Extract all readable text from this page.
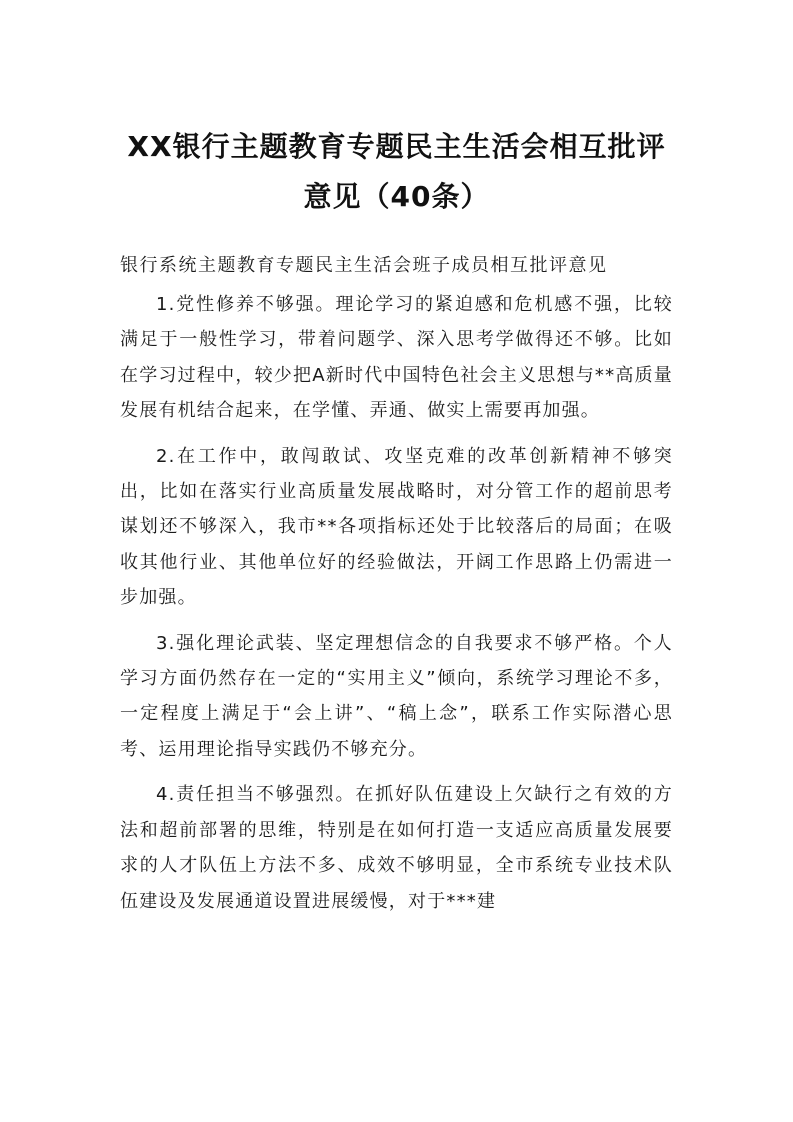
XX银行主题教育专题民主生活会相互批评
意见（40条）

银行系统主题教育专题民主生活会班子成员相互批评意见

1.党性修养不够强。理论学习的紧迫感和危机感不强，比较满足于一般性学习，带着问题学、深入思考学做得还不够。比如在学习过程中，较少把A新时代中国特色社会主义思想与**高质量发展有机结合起来，在学懂、弄通、做实上需要再加强。

2.在工作中，敢闯敢试、攻坚克难的改革创新精神不够突出，比如在落实行业高质量发展战略时，对分管工作的超前思考谋划还不够深入，我市**各项指标还处于比较落后的局面；在吸收其他行业、其他单位好的经验做法，开阔工作思路上仍需进一步加强。

3.强化理论武装、坚定理想信念的自我要求不够严格。个人学习方面仍然存在一定的“实用主义”倾向，系统学习理论不多，一定程度上满足于“会上讲”、“稿上念”，联系工作实际潜心思考、运用理论指导实践仍不够充分。

4.责任担当不够强烈。在抓好队伍建设上欠缺行之有效的方法和超前部署的思维，特别是在如何打造一支适应高质量发展要求的人才队伍上方法不多、成效不够明显，全市系统专业技术队伍建设及发展通道设置进展缓慢，对于***建
